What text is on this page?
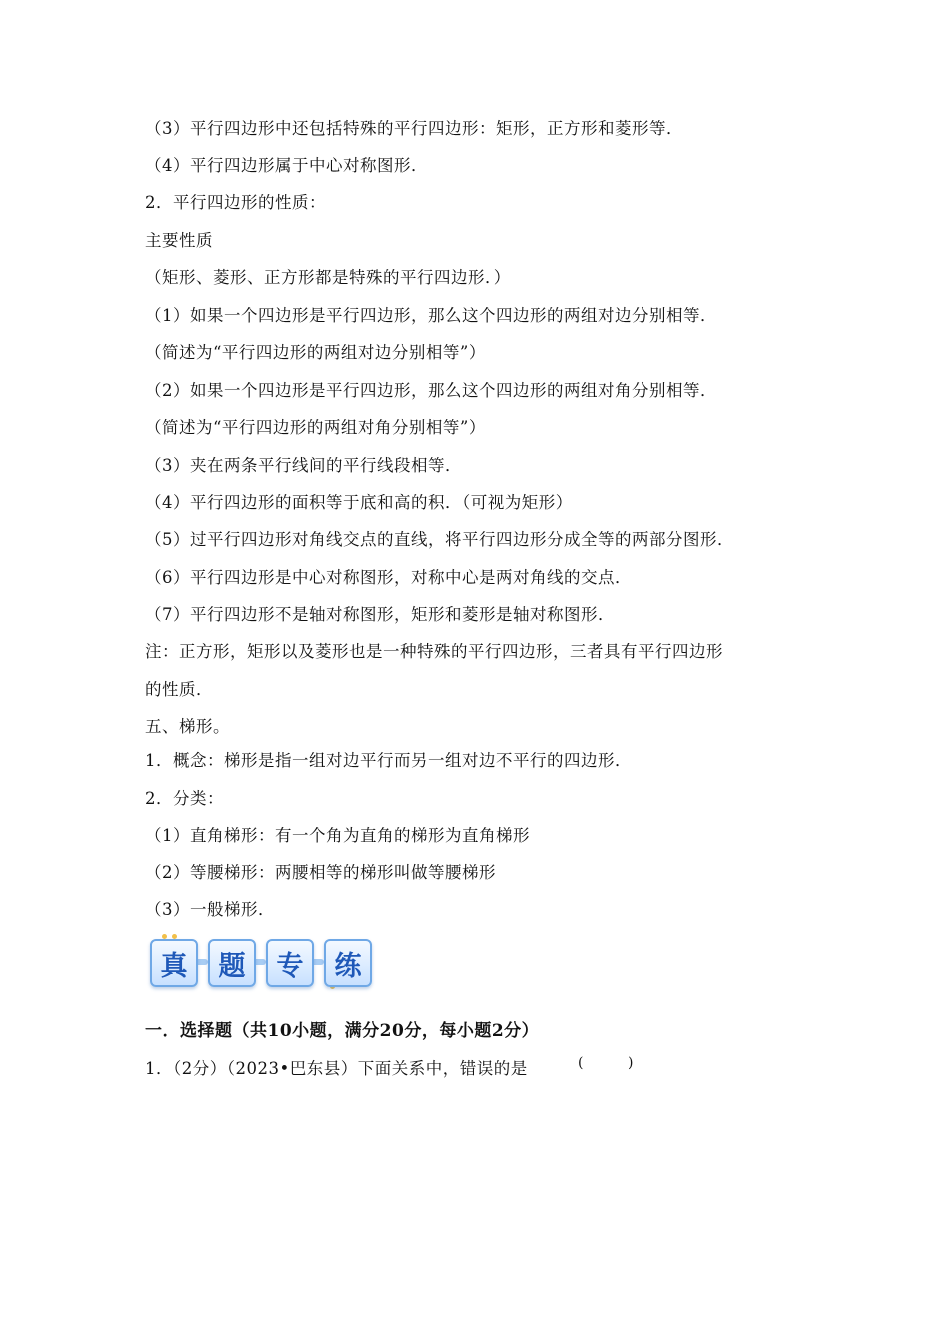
（3）平行四边形中还包括特殊的平行四边形：矩形，正方形和菱形等．
（4）平行四边形属于中心对称图形．
2．平行四边形的性质：
主要性质
（矩形、菱形、正方形都是特殊的平行四边形．）
（1）如果一个四边形是平行四边形，那么这个四边形的两组对边分别相等．
（简述为“平行四边形的两组对边分别相等”）
（2）如果一个四边形是平行四边形，那么这个四边形的两组对角分别相等．
（简述为“平行四边形的两组对角分别相等”）
（3）夹在两条平行线间的平行线段相等．
（4）平行四边形的面积等于底和高的积．（可视为矩形）
（5）过平行四边形对角线交点的直线，将平行四边形分成全等的两部分图形．
（6）平行四边形是中心对称图形，对称中心是两对角线的交点．
（7）平行四边形不是轴对称图形，矩形和菱形是轴对称图形．
注：正方形，矩形以及菱形也是一种特殊的平行四边形，三者具有平行四边形
的性质．
五、梯形。
1．概念：梯形是指一组对边平行而另一组对边不平行的四边形．
2．分类：
（1）直角梯形：有一个角为直角的梯形为直角梯形
（2）等腰梯形：两腰相等的梯形叫做等腰梯形
（3）一般梯形．
真	题	专	练
一．选择题（共10小题，满分20分，每小题2分）
1．（2分）（2023•巴东县）下面关系中，错误的是	(	)
